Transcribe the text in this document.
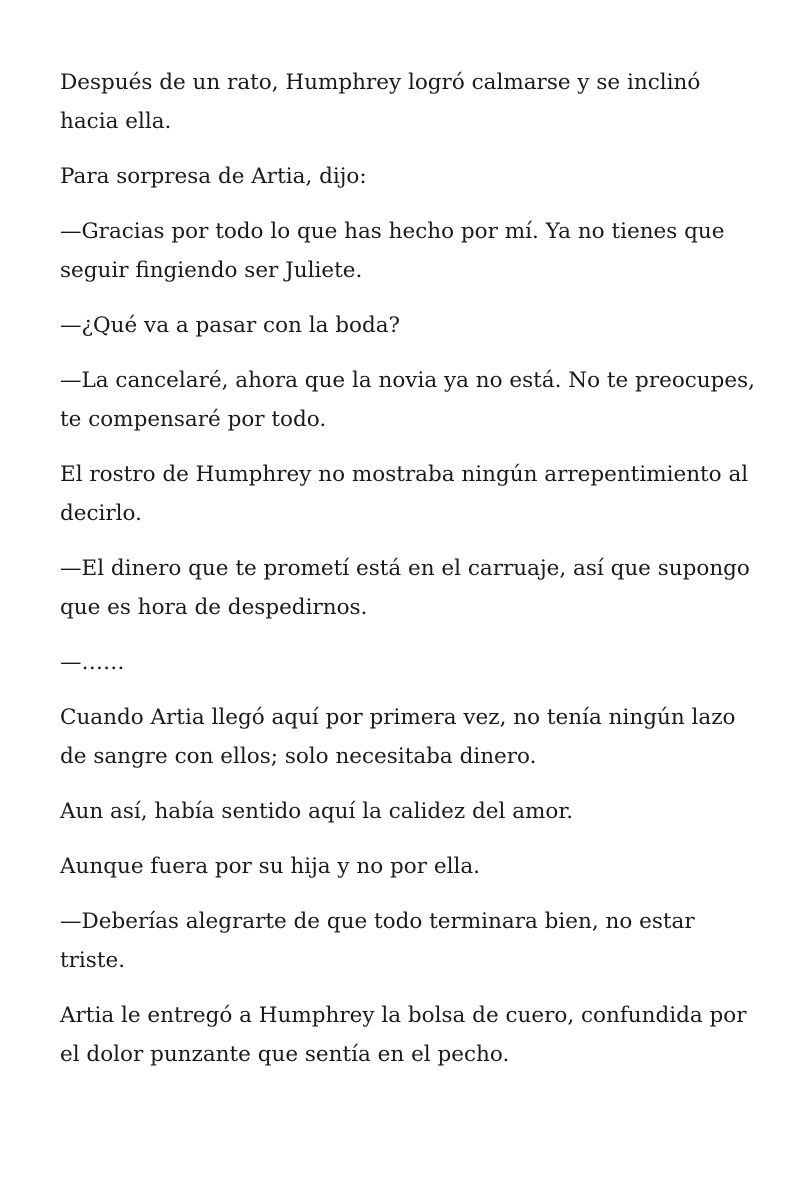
Después de un rato, Humphrey logró calmarse y se inclinó hacia ella.

Para sorpresa de Artia, dijo:

—Gracias por todo lo que has hecho por mí. Ya no tienes que seguir fingiendo ser Juliete.

—¿Qué va a pasar con la boda?

—La cancelaré, ahora que la novia ya no está. No te preocupes, te compensaré por todo.

El rostro de Humphrey no mostraba ningún arrepentimiento al decirlo.

—El dinero que te prometí está en el carruaje, así que supongo que es hora de despedirnos.

—……

Cuando Artia llegó aquí por primera vez, no tenía ningún lazo de sangre con ellos; solo necesitaba dinero.

Aun así, había sentido aquí la calidez del amor.

Aunque fuera por su hija y no por ella.

—Deberías alegrarte de que todo terminara bien, no estar triste.

Artia le entregó a Humphrey la bolsa de cuero, confundida por el dolor punzante que sentía en el pecho.
